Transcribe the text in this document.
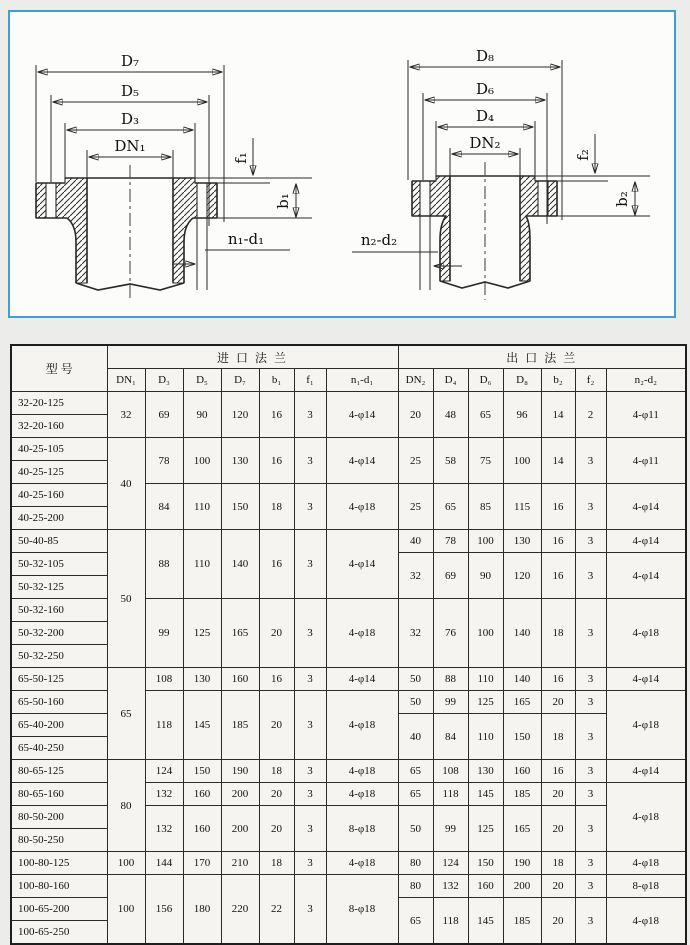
D₇
D₅
D₃
DN₁
f₁
b₁
n₁-d₁
D₈
D₆
D₄
DN₂
f₂
b₂
n₂-d₂
型 号	进 口 法 兰							出 口 法 兰						
	DN₁	D₃	D₅	D₇	b₁	f₁	n₁-d₁	DN₂	D₄	D₆	D₈	b₂	f₂	n₂-d₂
32-20-125	32	69	90	120	16	3	4-φ14	20	48	65	96	14	2	4-φ11
32-20-160														
40-25-105	40	78	100	130	16	3	4-φ14	25	58	75	100	14	3	4-φ11
40-25-125														
40-25-160		84	110	150	18	3	4-φ18	25	65	85	115	16	3	4-φ14
40-25-200														
50-40-85	50	88	110	140	16	3	4-φ14	40	78	100	130	16	3	4-φ14
50-32-105								32	69	90	120	16	3	4-φ14
50-32-125														
50-32-160		99	125	165	20	3	4-φ18	32	76	100	140	18	3	4-φ18
50-32-200														
50-32-250														
65-50-125	65	108	130	160	16	3	4-φ14	50	88	110	140	16	3	4-φ14
65-50-160		118	145	185	20	3	4-φ18	50	99	125	165	20	3	4-φ18
65-40-200								40	84	110	150	18	3	
65-40-250														
80-65-125	80	124	150	190	18	3	4-φ18	65	108	130	160	16	3	4-φ14
80-65-160		132	160	200	20	3	4-φ18	65	118	145	185	20	3	4-φ18
80-50-200		132	160	200	20	3	8-φ18	50	99	125	165	20	3	
80-50-250														
100-80-125	100	144	170	210	18	3	4-φ18	80	124	150	190	18	3	4-φ18
100-80-160	100	156	180	220	22	3	8-φ18	80	132	160	200	20	3	8-φ18
100-65-200								65	118	145	185	20	3	4-φ18
100-65-250														
